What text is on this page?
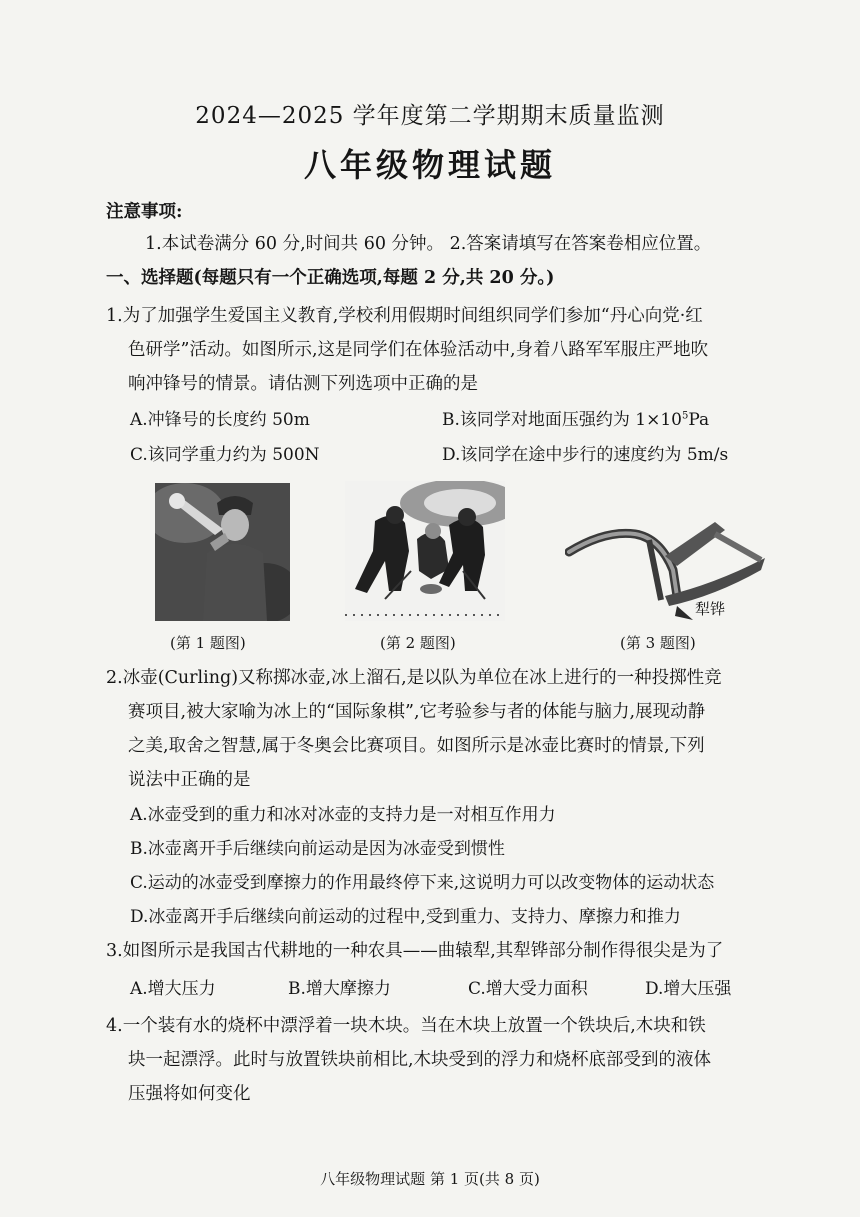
2024—2025 学年度第二学期期末质量监测
八年级物理试题
注意事项:
1.本试卷满分 60 分,时间共 60 分钟。 2.答案请填写在答案卷相应位置。
一、选择题(每题只有一个正确选项,每题 2 分,共 20 分。)
1.为了加强学生爱国主义教育,学校利用假期时间组织同学们参加“丹心向党·红
色研学”活动。如图所示,这是同学们在体验活动中,身着八路军军服庄严地吹
响冲锋号的情景。请估测下列选项中正确的是
A.冲锋号的长度约 50m	B.该同学对地面压强约为 $1\times 10^5Pa$
C.该同学重力约为 500N	D.该同学在途中步行的速度约为 5m/s
犁铧
(第 1 题图)	(第 2 题图)	(第 3 题图)
2.冰壶(Curling)又称掷冰壶,冰上溜石,是以队为单位在冰上进行的一种投掷性竞
赛项目,被大家喻为冰上的“国际象棋”,它考验参与者的体能与脑力,展现动静
之美,取舍之智慧,属于冬奥会比赛项目。如图所示是冰壶比赛时的情景,下列
说法中正确的是
A.冰壶受到的重力和冰对冰壶的支持力是一对相互作用力
B.冰壶离开手后继续向前运动是因为冰壶受到惯性
C.运动的冰壶受到摩擦力的作用最终停下来,这说明力可以改变物体的运动状态
D.冰壶离开手后继续向前运动的过程中,受到重力、支持力、摩擦力和推力
3.如图所示是我国古代耕地的一种农具——曲辕犁,其犁铧部分制作得很尖是为了
A.增大压力	B.增大摩擦力	C.增大受力面积	D.增大压强
4.一个装有水的烧杯中漂浮着一块木块。当在木块上放置一个铁块后,木块和铁
块一起漂浮。此时与放置铁块前相比,木块受到的浮力和烧杯底部受到的液体
压强将如何变化
八年级物理试题 第 1 页(共 8 页)
